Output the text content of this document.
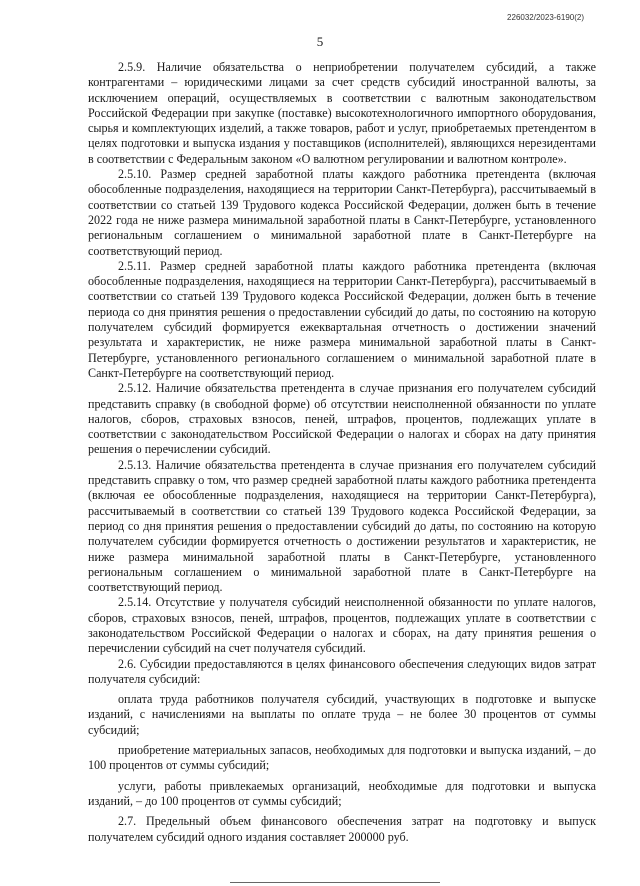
226032/2023-6190(2)
5

2.5.9. Наличие обязательства о неприобретении получателем субсидий, а также контрагентами – юридическими лицами за счет средств субсидий иностранной валюты, за исключением операций, осуществляемых в соответствии с валютным законодательством Российской Федерации при закупке (поставке) высокотехнологичного импортного оборудования, сырья и комплектующих изделий, а также товаров, работ и услуг, приобретаемых претендентом в целях подготовки и выпуска издания у поставщиков (исполнителей), являющихся нерезидентами в соответствии с Федеральным законом «О валютном регулировании и валютном контроле».

2.5.10. Размер средней заработной платы каждого работника претендента (включая обособленные подразделения, находящиеся на территории Санкт-Петербурга), рассчитываемый в соответствии со статьей 139 Трудового кодекса Российской Федерации, должен быть в течение 2022 года не ниже размера минимальной заработной платы в Санкт-Петербурге, установленного региональным соглашением о минимальной заработной плате в Санкт-Петербурге на соответствующий период.

2.5.11. Размер средней заработной платы каждого работника претендента (включая обособленные подразделения, находящиеся на территории Санкт-Петербурга), рассчитываемый в соответствии со статьей 139 Трудового кодекса Российской Федерации, должен быть в течение периода со дня принятия решения о предоставлении субсидий до даты, по состоянию на которую получателем субсидий формируется ежеквартальная отчетность о достижении значений результата и характеристик, не ниже размера минимальной заработной платы в Санкт-Петербурге, установленного регионального соглашением о минимальной заработной плате в Санкт-Петербурге на соответствующий период.

2.5.12. Наличие обязательства претендента в случае признания его получателем субсидий представить справку (в свободной форме) об отсутствии неисполненной обязанности по уплате налогов, сборов, страховых взносов, пеней, штрафов, процентов, подлежащих уплате в соответствии с законодательством Российской Федерации о налогах и сборах на дату принятия решения о перечислении субсидий.

2.5.13. Наличие обязательства претендента в случае признания его получателем субсидий представить справку о том, что размер средней заработной платы каждого работника претендента (включая ее обособленные подразделения, находящиеся на территории Санкт-Петербурга), рассчитываемый в соответствии со статьей 139 Трудового кодекса Российской Федерации, за период со дня принятия решения о предоставлении субсидий до даты, по состоянию на которую получателем субсидии формируется отчетность о достижении результатов и характеристик, не ниже размера минимальной заработной платы в Санкт-Петербурге, установленного региональным соглашением о минимальной заработной плате в Санкт-Петербурге на соответствующий период.

2.5.14. Отсутствие у получателя субсидий неисполненной обязанности по уплате налогов, сборов, страховых взносов, пеней, штрафов, процентов, подлежащих уплате в соответствии с законодательством Российской Федерации о налогах и сборах, на дату принятия решения о перечислении субсидий на счет получателя субсидий.

2.6. Субсидии предоставляются в целях финансового обеспечения следующих видов затрат получателя субсидий:

оплата труда работников получателя субсидий, участвующих в подготовке и выпуске изданий, с начислениями на выплаты по оплате труда – не более 30 процентов от суммы субсидий;

приобретение материальных запасов, необходимых для подготовки и выпуска изданий, – до 100 процентов от суммы субсидий;

услуги, работы привлекаемых организаций, необходимые для подготовки и выпуска изданий, – до 100 процентов от суммы субсидий;

2.7. Предельный объем финансового обеспечения затрат на подготовку и выпуск получателем субсидий одного издания составляет 200000 руб.
